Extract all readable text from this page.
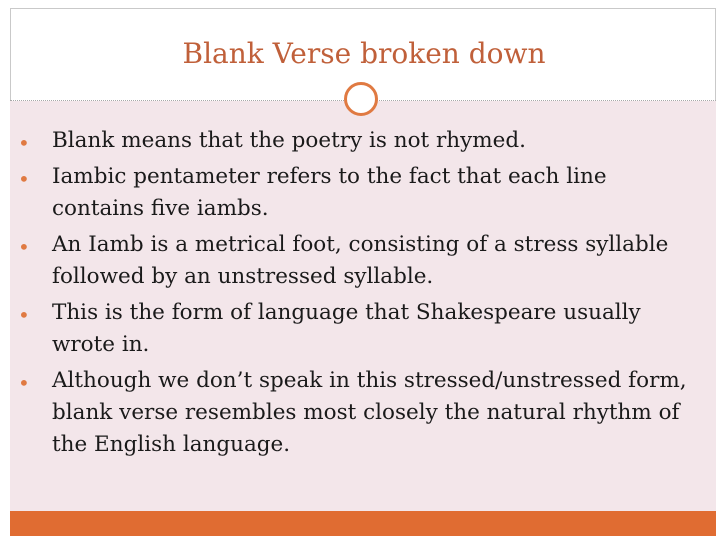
Blank Verse broken down
• Blank means that the poetry is not rhymed.
• Iambic pentameter refers to the fact that each line contains five iambs.
• An Iamb is a metrical foot, consisting of a stress syllable followed by an unstressed syllable.
• This is the form of language that Shakespeare usually wrote in.
• Although we don’t speak in this stressed/unstressed form, blank verse resembles most closely the natural rhythm of the English language.
